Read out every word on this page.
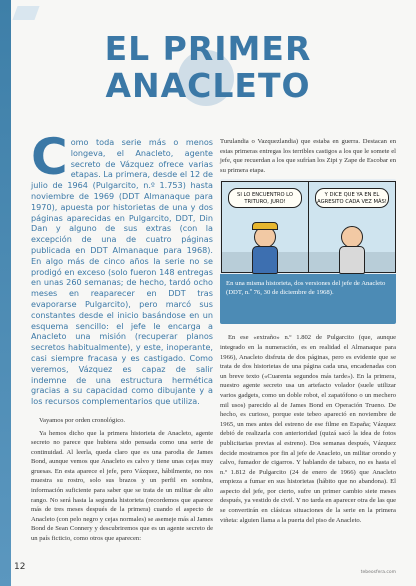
EL PRIMER
ANACLETO

Como toda serie más o menos longeva, el Anacleto, agente secreto de Vázquez ofrece varias etapas. La primera, desde el 12 de julio de 1964 (Pulgarcito, n.º 1.753) hasta noviembre de 1969 (DDT Almanaque para 1970), apuesta por historietas de una y dos páginas aparecidas en Pulgarcito, DDT, Din Dan y alguno de sus extras (con la excepción de una de cuatro páginas publicada en DDT Almanaque para 1968). En algo más de cinco años la serie no se prodigó en exceso (solo fueron 148 entregas en unas 260 semanas; de hecho, tardó ocho meses en reaparecer en DDT tras evaporarse Pulgarcito), pero marcó sus constantes desde el inicio basándose en un esquema sencillo: el jefe le encarga a Anacleto una misión (recuperar planos secretos habitualmente), y este, inoperante, casi siempre fracasa y es castigado. Como veremos, Vázquez es capaz de salir indemne de una estructura hermética gracias a su capacidad como dibujante y a los recursos complementarios que utiliza.

Vayamos por orden cronológico.

Ya hemos dicho que la primera historieta de Anacleto, agente secreto no parece que hubiera sido pensada como una serie de continuidad. Al leerla, queda claro que es una parodia de James Bond, aunque vemos que Anacleto es calvo y tiene unas cejas muy gruesas. En esta aparece el jefe, pero Vázquez, hábilmente, no nos muestra su rostro, solo sus brazos y un perfil en sombra, información suficiente para saber que se trata de un militar de alto rango. No será hasta la segunda historieta (recordemos que aparece más de tres meses después de la primera) cuando el aspecto de Anacleto (con pelo negro y cejas normales) se asemeje más al James Bond de Sean Connery y descubriremos que es un agente secreto de un país ficticio, como otros que aparecen:

Turulandia o Vazquezlandia) que estaba en guerra. Destacan en estas primeras entregas los terribles castigos a los que le somete el jefe, que recuerdan a los que sufrían los Zipi y Zape de Escobar en su primera etapa.

SI LO ENCUENTRO LO TRITURO, JURO!
Y DICE QUE YA EN EL AGRESITO CADA VEZ MÁS!
En una misma historieta, dos versiones del jefe de Anacleto (DDT, n.º 76, 30 de diciembre de 1968).

En ese «extraño» n.º 1.802 de Pulgarcito (que, aunque integrado en la numeración, es en realidad el Almanaque para 1966), Anacleto disfruta de dos páginas, pero es evidente que se trata de dos historietas de una página cada una, encadenadas con un breve texto («Cuarenta segundos más tarde»). En la primera, nuestro agente secreto usa un artefacto volador (suele utilizar varios gadgets, como un doble robot, el zapatófono o un mechero mil usos) parecido al de James Bond en Operación Trueno. De hecho, es curioso, porque este tebeo apareció en noviembre de 1965, un mes antes del estreno de ese filme en España; Vázquez debió de realizarla con anterioridad (quizá sacó la idea de fotos publicitarias previas al estreno). Dos semanas después, Vázquez decide mostrarnos por fin al jefe de Anacleto, un militar orondo y calvo, fumador de cigarros. Y hablando de tabaco, no es hasta el n.º 1.812 de Pulgarcito (24 de enero de 1966) que Anacleto empieza a fumar en sus historietas (hábito que no abandona). El aspecto del jefe, por cierto, sufre un primer cambio siete meses después, ya vestido de civil. Y no tarda en aparecer otra de las que se convertirán en clásicas situaciones de la serie en la primera viñeta: alguien llama a la puerta del piso de Anacleto.

12
tebeosfera.com
